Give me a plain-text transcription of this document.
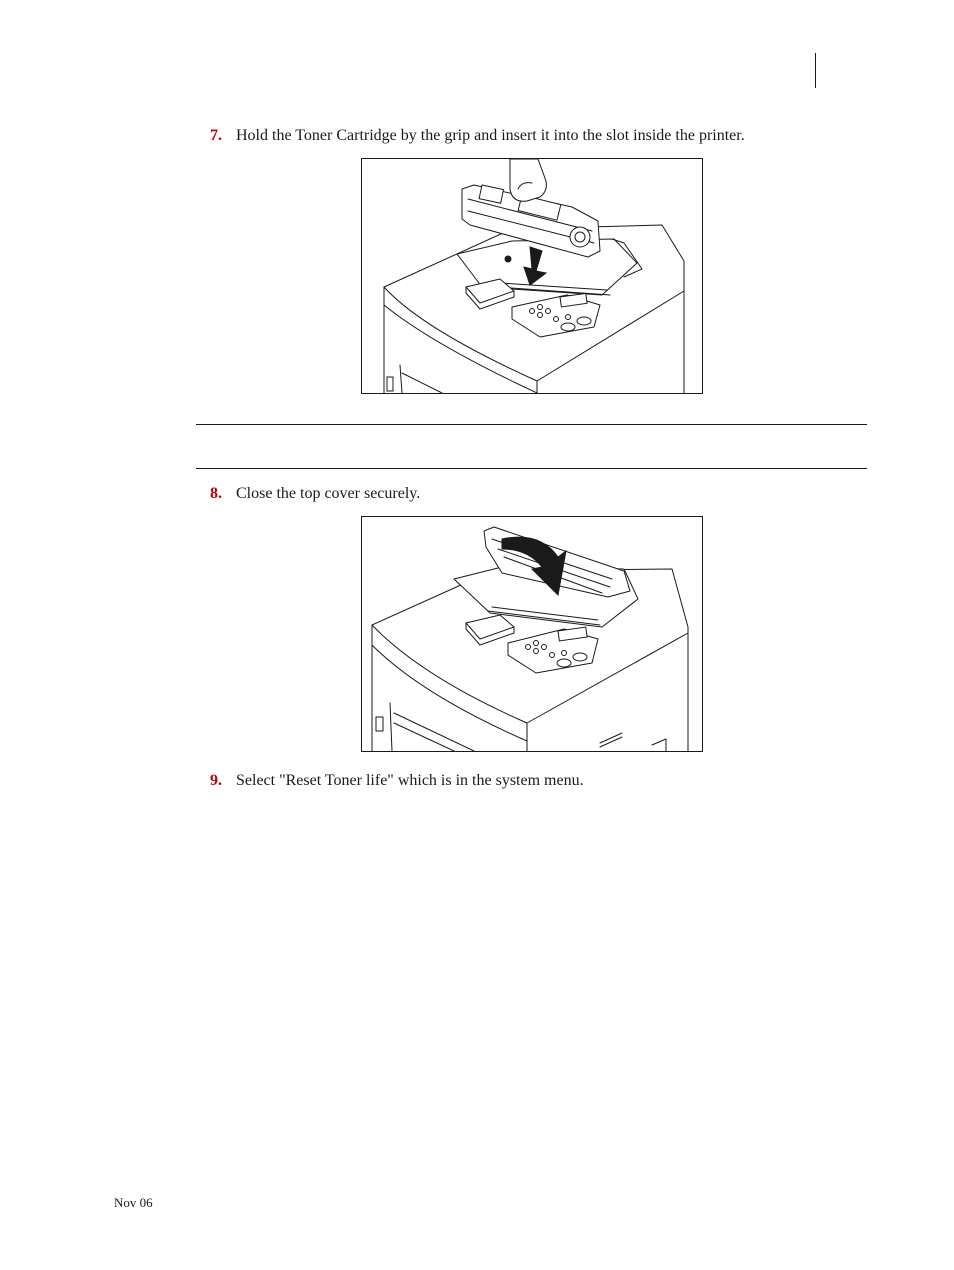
7. Hold the Toner Cartridge by the grip and insert it into the slot inside the printer.
8. Close the top cover securely.
9. Select "Reset Toner life" which is in the system menu.
Nov 06
